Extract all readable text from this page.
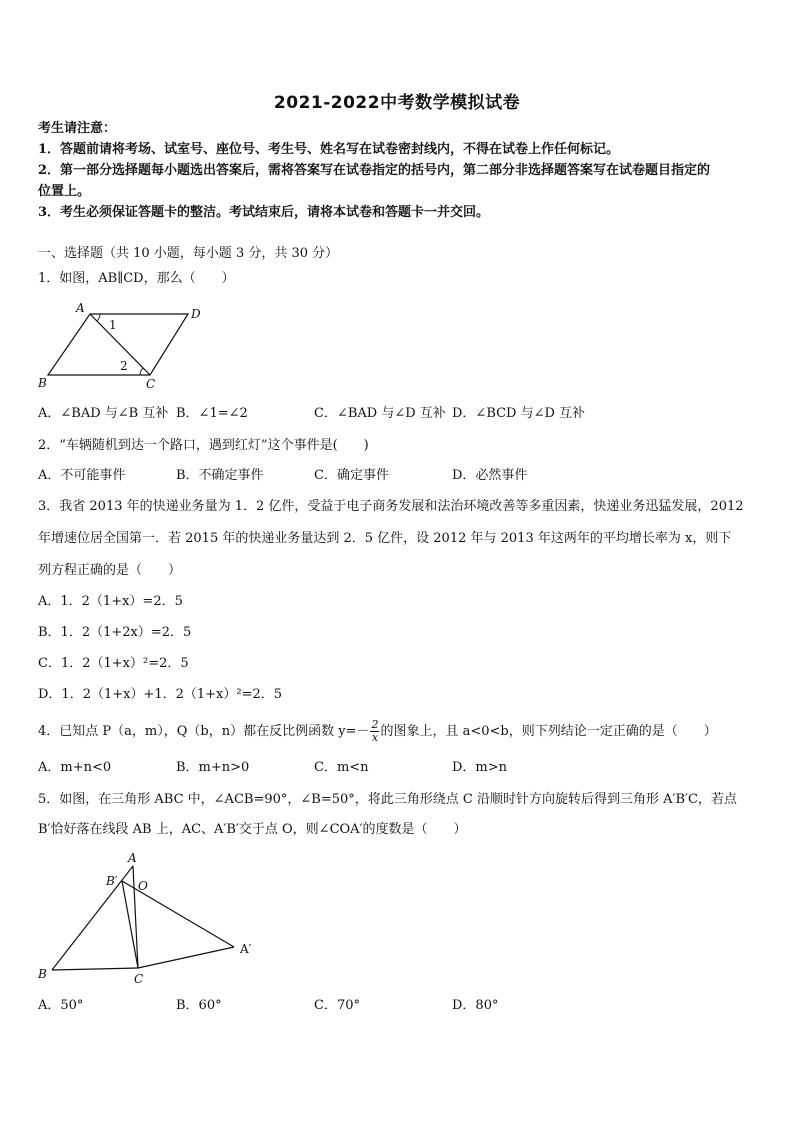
2021-2022中考数学模拟试卷
考生请注意：
1．答题前请将考场、试室号、座位号、考生号、姓名写在试卷密封线内，不得在试卷上作任何标记。
2．第一部分选择题每小题选出答案后，需将答案写在试卷指定的括号内，第二部分非选择题答案写在试卷题目指定的
位置上。
3．考生必须保证答题卡的整洁。考试结束后，请将本试卷和答题卡一并交回。
一、选择题（共 10 小题，每小题 3 分，共 30 分）
1．如图，AB∥CD，那么（　　）
A	D
B	C
1
2
A．∠BAD 与∠B 互补 B．∠1=∠2	C．∠BAD 与∠D 互补 D．∠BCD 与∠D 互补
2．“车辆随机到达一个路口，遇到红灯”这个事件是(　　)
A．不可能事件	B．不确定事件	C．确定事件	D．必然事件
3．我省 2013 年的快递业务量为 1．2 亿件，受益于电子商务发展和法治环境改善等多重因素，快递业务迅猛发展，2012
年增速位居全国第一．若 2015 年的快递业务量达到 2．5 亿件，设 2012 年与 2013 年这两年的平均增长率为 x，则下
列方程正确的是（　　）
A．1．2（1+x）=2．5
B．1．2（1+2x）=2．5
C．1．2（1+x）²=2．5
D．1．2（1+x）+1．2（1+x）²=2．5
4．已知点 P（a，m），Q（b，n）都在反比例函数 $y=- \frac{2}{x}$ 的图象上，且 a<0<b，则下列结论一定正确的是（　　）
A．m+n<0	B．m+n>0	C．m<n	D．m>n
5．如图，在三角形 ABC 中，∠ACB=90°，∠B=50°，将此三角形绕点 C 沿顺时针方向旋转后得到三角形 A′B′C，若点
B′恰好落在线段 AB 上，AC、A′B′交于点 O，则∠COA′的度数是（　　）
A
B′ O
A′
B	C
A．50°	B．60°	C．70°	D．80°
